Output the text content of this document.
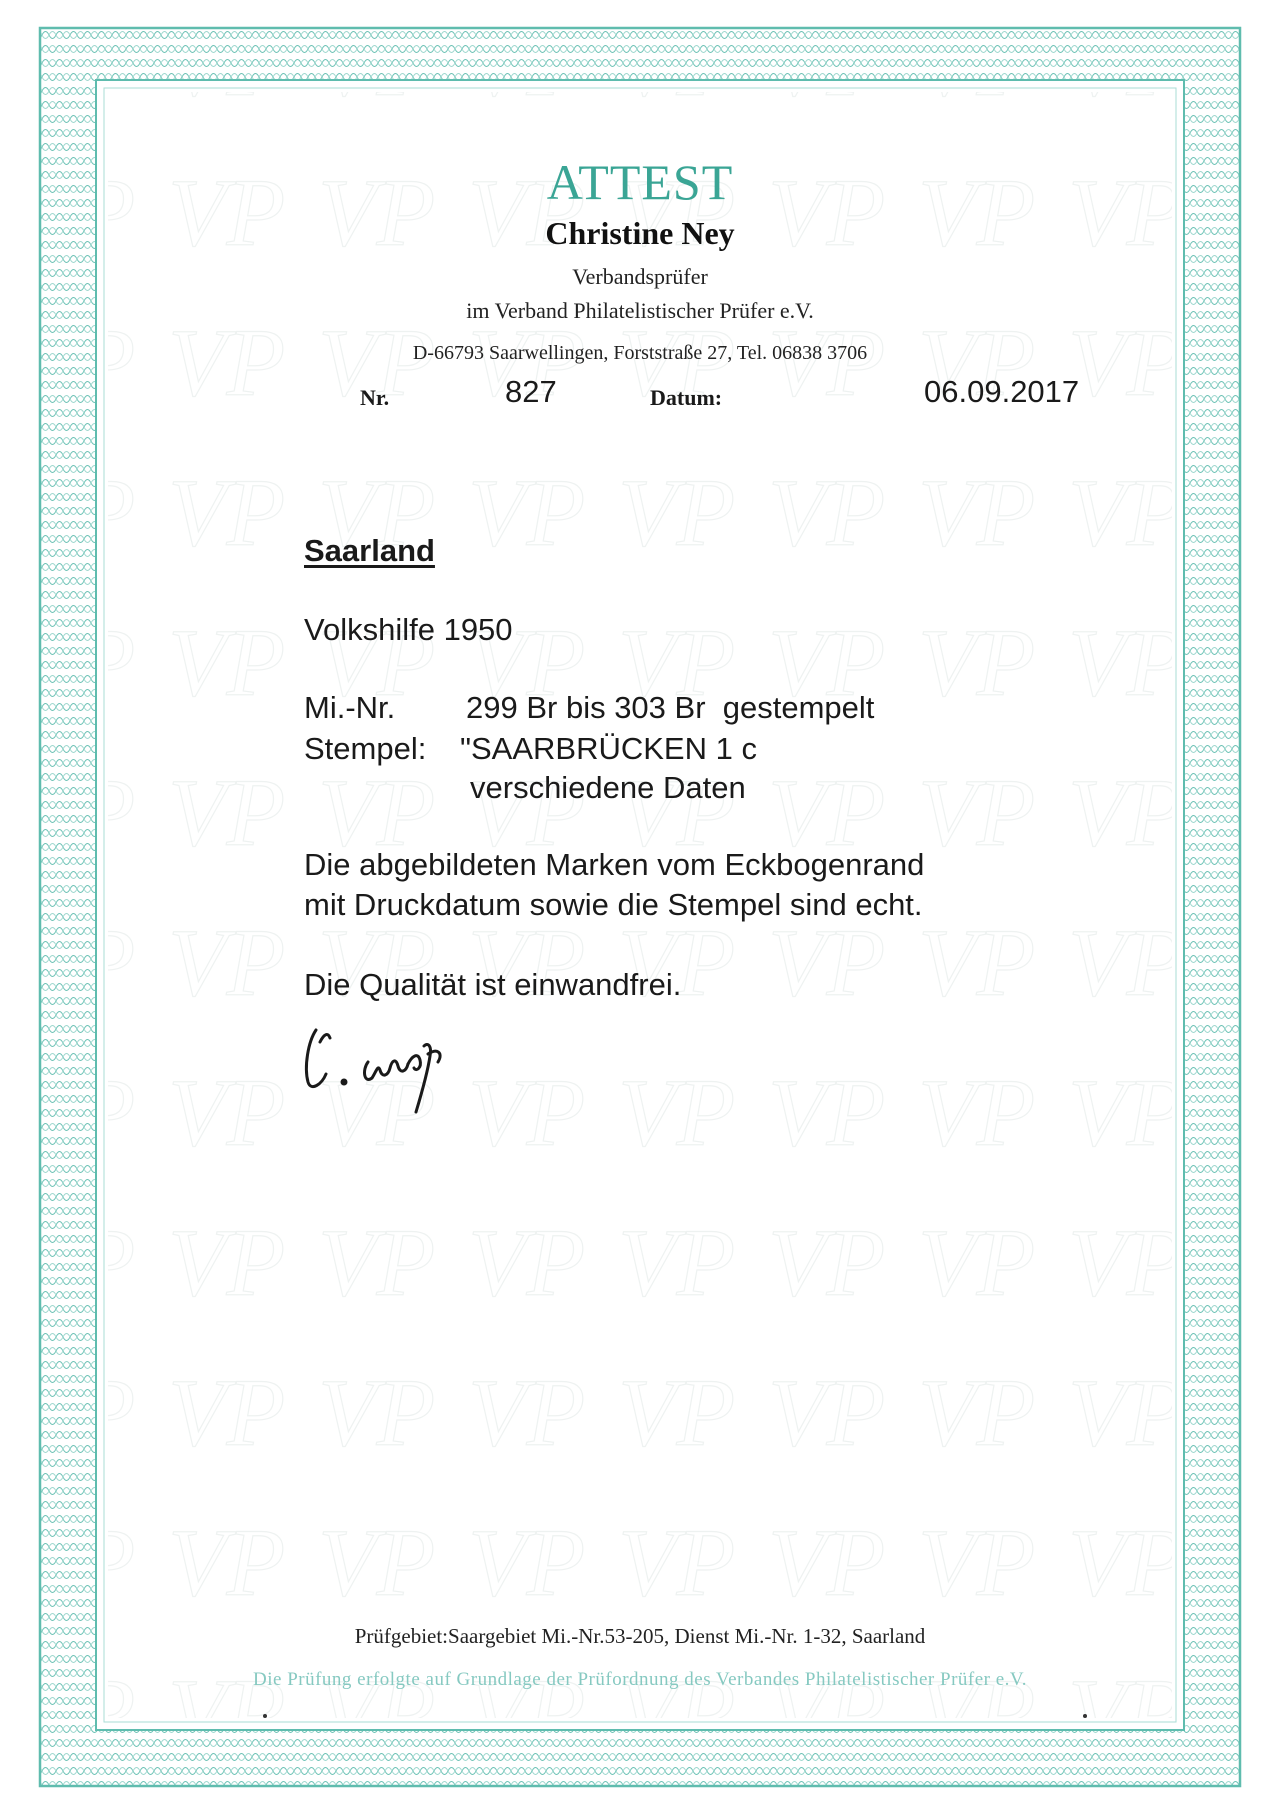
ATTEST
Christine Ney
Verbandsprüfer
im Verband Philatelistischer Prüfer e.V.
D-66793 Saarwellingen, Forststraße 27, Tel. 06838 3706
Nr.	827	Datum:	06.09.2017
Saarland
Volkshilfe 1950
Mi.-Nr. 299 Br bis 303 Br  gestempelt
Stempel: "SAARBRÜCKEN 1 c
verschiedene Daten
Die abgebildeten Marken vom Eckbogenrand
mit Druckdatum sowie die Stempel sind echt.
Die Qualität ist einwandfrei.
Prüfgebiet:Saargebiet Mi.-Nr.53-205, Dienst Mi.-Nr. 1-32, Saarland
Die Prüfung erfolgte auf Grundlage der Prüfordnung des Verbandes Philatelistischer Prüfer e.V.
